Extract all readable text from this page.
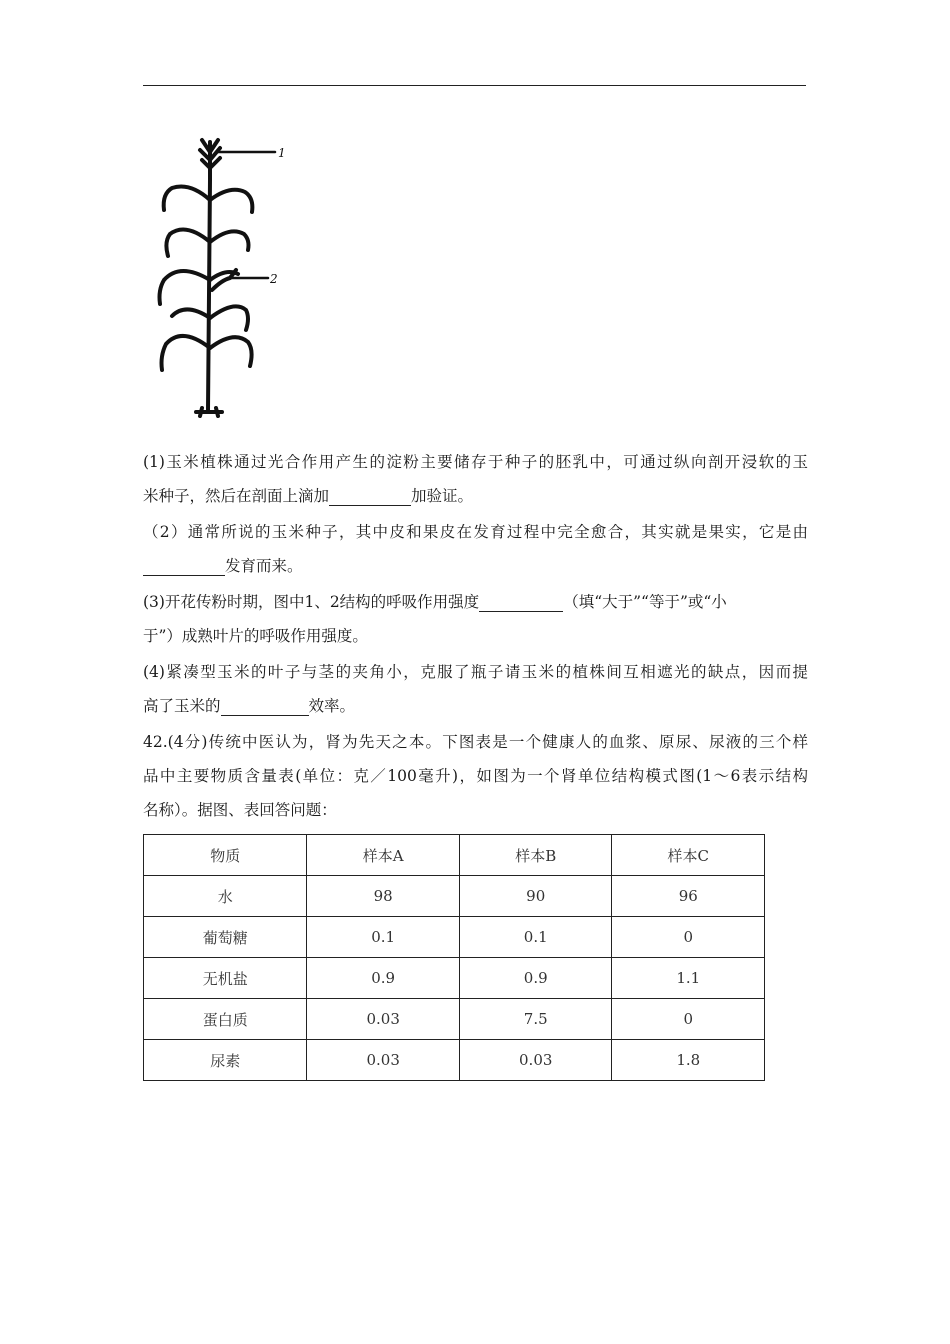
1
2
(1)玉米植株通过光合作用产生的淀粉主要储存于种子的胚乳中，可通过纵向剖开浸软的玉
米种子，然后在剖面上滴加	加验证。
（2）通常所说的玉米种子，其中皮和果皮在发育过程中完全愈合，其实就是果实，它是由
发育而来。
(3)开花传粉时期，图中1、2结构的呼吸作用强度	（填“大于”“等于”或“小
于”）成熟叶片的呼吸作用强度。
(4)紧凑型玉米的叶子与茎的夹角小，克服了瓶子请玉米的植株间互相遮光的缺点，因而提
高了玉米的	效率。
42.(4分)传统中医认为，肾为先天之本。下图表是一个健康人的血浆、原尿、尿液的三个样
品中主要物质含量表(单位：克／100毫升)，如图为一个肾单位结构模式图(1～6表示结构
名称）。据图、表回答问题：
物质	样本A	样本B	样本C
水	98	90	96
葡萄糖	0.1	0.1	0
无机盐	0.9	0.9	1.1
蛋白质	0.03	7.5	0
尿素	0.03	0.03	1.8
